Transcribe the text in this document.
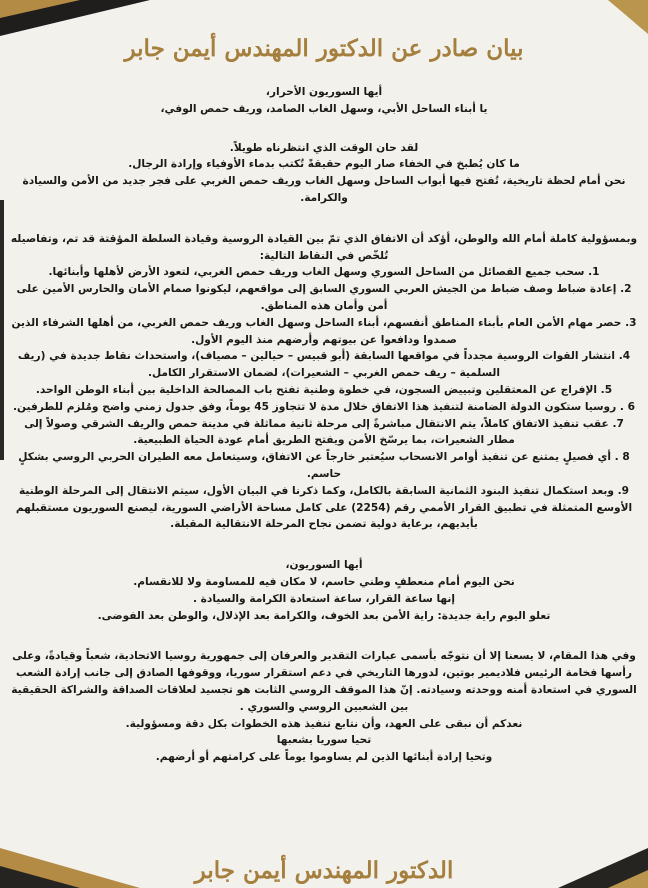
بيان صادر عن الدكتور المهندس أيمن جابر

أيها السوريون الأحرار،

يا أبناء الساحل الأبي، وسهل الغاب الصامد، وريف حمص الوفي،

لقد حان الوقت الذي انتظرناه طويلاً.

ما كان يُطبخ في الخفاء صار اليوم حقيقةً تُكتب بدماء الأوفياء وإرادة الرجال.

نحن أمام لحظة تاريخية، تُفتح فيها أبواب الساحل وسهل الغاب وريف حمص الغربي على فجر جديد من الأمن والسيادة والكرامة.

وبمسؤولية كاملة أمام الله والوطن، أؤكد أن الاتفاق الذي تمّ بين القيادة الروسية وقيادة السلطة المؤقتة قد تم، وتفاصيله تُلخّص في النقاط التالية:

1. سحب جميع الفصائل من الساحل السوري وسهل الغاب وريف حمص الغربي، لتعود الأرض لأهلها وأبنائها.

2. إعادة ضباط وصف ضباط من الجيش العربي السوري السابق إلى مواقعهم، ليكونوا صمام الأمان والحارس الأمين على أمن وأمان هذه المناطق.

3. حصر مهام الأمن العام بأبناء المناطق أنفسهم، أبناء الساحل وسهل الغاب وريف حمص الغربي، من أهلها الشرفاء الذين صمدوا ودافعوا عن بيوتهم وأرضهم منذ اليوم الأول.

4. انتشار القوات الروسية مجدداً في مواقعها السابقة (أبو قبيس – حيالين – مصياف)، واستحداث نقاط جديدة في (ريف السلمية – ريف حمص الغربي – الشعيرات)، لضمان الاستقرار الكامل.

5. الإفراج عن المعتقلين وتبييض السجون، في خطوة وطنية تفتح باب المصالحة الداخلية بين أبناء الوطن الواحد.

6 . روسيا ستكون الدولة الضامنة لتنفيذ هذا الاتفاق خلال مدة لا تتجاوز 45 يوماً، وفق جدول زمني واضح ومُلزم للطرفين.

7. عقب تنفيذ الاتفاق كاملاً، يتم الانتقال مباشرةً إلى مرحلة ثانية مماثلة في مدينة حمص والريف الشرقي وصولاً إلى مطار الشعيرات، بما يرسّخ الأمن ويفتح الطريق أمام عودة الحياة الطبيعية.

8 . أي فصيلٍ يمتنع عن تنفيذ أوامر الانسحاب سيُعتبر خارجاً عن الاتفاق، وسيتعامل معه الطيران الحربي الروسي بشكلٍ حاسم.

9. وبعد استكمال تنفيذ البنود الثمانية السابقة بالكامل، وكما ذكرنا في البيان الأول، سيتم الانتقال إلى المرحلة الوطنية الأوسع المتمثلة في تطبيق القرار الأممي رقم (2254) على كامل مساحة الأراضي السورية، ليصنع السوريون مستقبلهم بأيديهم، برعاية دولية تضمن نجاح المرحلة الانتقالية المقبلة.

أيها السوريون،

نحن اليوم أمام منعطفٍ وطني حاسم، لا مكان فيه للمساومة ولا للانقسام.

إنها ساعة القرار، ساعة استعادة الكرامة والسيادة .

تعلو اليوم راية جديدة: راية الأمن بعد الخوف، والكرامة بعد الإذلال، والوطن بعد الفوضى.

وفي هذا المقام، لا يسعنا إلا أن نتوجّه بأسمى عبارات التقدير والعرفان إلى جمهورية روسيا الاتحادية، شعباً وقيادةً، وعلى رأسها فخامة الرئيس فلاديمير بوتين، لدورها التاريخي في دعم استقرار سوريا، ووقوفها الصادق إلى جانب إرادة الشعب السوري في استعادة أمنه ووحدته وسيادته. إنّ هذا الموقف الروسي الثابت هو تجسيد لعلاقات الصداقة والشراكة الحقيقية بين الشعبين الروسي والسوري .

نعدكم أن نبقى على العهد، وأن نتابع تنفيذ هذه الخطوات بكل دقة ومسؤولية.

تحيا سوريا بشعبها

وتحيا إرادة أبنائها الذين لم يساوموا يوماً على كرامتهم أو أرضهم.

الدكتور المهندس أيمن جابر
